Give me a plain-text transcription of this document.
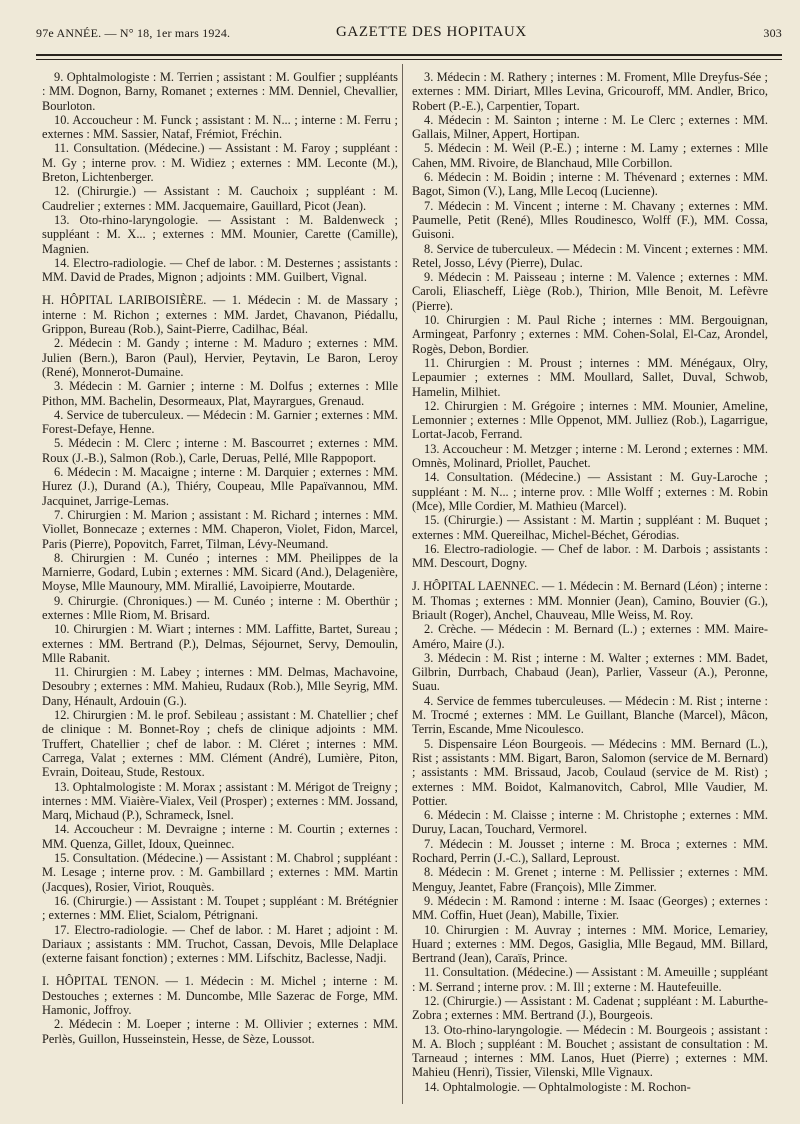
97e ANNÉE. — N° 18, 1er mars 1924.	GAZETTE DES HOPITAUX	303

9. Ophtalmologiste : M. Terrien ; assistant : M. Goulfier ; suppléants : MM. Dognon, Barny, Romanet ; externes : MM. Denniel, Chevallier, Bourloton.

10. Accoucheur : M. Funck ; assistant : M. N... ; interne : M. Ferru ; externes : MM. Sassier, Nataf, Frémiot, Fréchin.

11. Consultation. (Médecine.) — Assistant : M. Faroy ; suppléant : M. Gy ; interne prov. : M. Widiez ; externes : MM. Leconte (M.), Breton, Lichtenberger.

12. (Chirurgie.) — Assistant : M. Cauchoix ; suppléant : M. Caudrelier ; externes : MM. Jacquemaire, Gauillard, Picot (Jean).

13. Oto-rhino-laryngologie. — Assistant : M. Baldenweck ; suppléant : M. X... ; externes : MM. Mounier, Carette (Camille), Magnien.

14. Electro-radiologie. — Chef de labor. : M. Desternes ; assistants : MM. David de Prades, Mignon ; adjoints : MM. Guilbert, Vignal.

H. HÔPITAL LARIBOISIÈRE. — 1. Médecin : M. de Massary ; interne : M. Richon ; externes : MM. Jardet, Chavanon, Piédallu, Grippon, Bureau (Rob.), Saint-Pierre, Cadilhac, Béal.

2. Médecin : M. Gandy ; interne : M. Maduro ; externes : MM. Julien (Bern.), Baron (Paul), Hervier, Peytavin, Le Baron, Leroy (René), Monnerot-Dumaine.

3. Médecin : M. Garnier ; interne : M. Dolfus ; externes : Mlle Pithon, MM. Bachelin, Desormeaux, Plat, Mayrargues, Grenaud.

4. Service de tuberculeux. — Médecin : M. Garnier ; externes : MM. Forest-Defaye, Henne.

5. Médecin : M. Clerc ; interne : M. Bascourret ; externes : MM. Roux (J.-B.), Salmon (Rob.), Carle, Deruas, Pellé, Mlle Rappoport.

6. Médecin : M. Macaigne ; interne : M. Darquier ; externes : MM. Hurez (J.), Durand (A.), Thiéry, Coupeau, Mlle Papaïvannou, MM. Jacquinet, Jarrige-Lemas.

7. Chirurgien : M. Marion ; assistant : M. Richard ; internes : MM. Viollet, Bonnecaze ; externes : MM. Chaperon, Violet, Fidon, Marcel, Paris (Pierre), Popovitch, Farret, Tilman, Lévy-Neumand.

8. Chirurgien : M. Cunéo ; internes : MM. Pheilippes de la Marnierre, Godard, Lubin ; externes : MM. Sicard (And.), Delagenière, Moyse, Mlle Maunoury, MM. Mirallié, Lavoipierre, Moutarde.

9. Chirurgie. (Chroniques.) — M. Cunéo ; interne : M. Oberthür ; externes : Mlle Riom, M. Brisard.

10. Chirurgien : M. Wiart ; internes : MM. Laffitte, Bartet, Sureau ; externes : MM. Bertrand (P.), Delmas, Séjournet, Servy, Demoulin, Mlle Rabanit.

11. Chirurgien : M. Labey ; internes : MM. Delmas, Machavoine, Desoubry ; externes : MM. Mahieu, Rudaux (Rob.), Mlle Seyrig, MM. Dany, Hénault, Ardouin (G.).

12. Chirurgien : M. le prof. Sebileau ; assistant : M. Chatellier ; chef de clinique : M. Bonnet-Roy ; chefs de clinique adjoints : MM. Truffert, Chatellier ; chef de labor. : M. Cléret ; internes : MM. Carrega, Valat ; externes : MM. Clément (André), Lumière, Piton, Evrain, Doiteau, Stude, Restoux.

13. Ophtalmologiste : M. Morax ; assistant : M. Mérigot de Treigny ; internes : MM. Viaière-Vialex, Veil (Prosper) ; externes : MM. Jossand, Marq, Michaud (P.), Schrameck, Isnel.

14. Accoucheur : M. Devraigne ; interne : M. Courtin ; externes : MM. Quenza, Gillet, Idoux, Queinnec.

15. Consultation. (Médecine.) — Assistant : M. Chabrol ; suppléant : M. Lesage ; interne prov. : M. Gambillard ; externes : MM. Martin (Jacques), Rosier, Viriot, Rouquès.

16. (Chirurgie.) — Assistant : M. Toupet ; suppléant : M. Brétégnier ; externes : MM. Eliet, Scialom, Pétrignani.

17. Electro-radiologie. — Chef de labor. : M. Haret ; adjoint : M. Dariaux ; assistants : MM. Truchot, Cassan, Devois, Mlle Delaplace (externe faisant fonction) ; externes : MM. Lifschitz, Baclesse, Nadji.

I. HÔPITAL TENON. — 1. Médecin : M. Michel ; interne : M. Destouches ; externes : M. Duncombe, Mlle Sazerac de Forge, MM. Hamonic, Joffroy.

2. Médecin : M. Loeper ; interne : M. Ollivier ; externes : MM. Perlès, Guillon, Husseinstein, Hesse, de Sèze, Loussot.

3. Médecin : M. Rathery ; internes : M. Froment, Mlle Dreyfus-Sée ; externes : MM. Diriart, Mlles Levina, Gricouroff, MM. Andler, Brico, Robert (P.-E.), Carpentier, Topart.

4. Médecin : M. Sainton ; interne : M. Le Clerc ; externes : MM. Gallais, Milner, Appert, Hortipan.

5. Médecin : M. Weil (P.-E.) ; interne : M. Lamy ; externes : Mlle Cahen, MM. Rivoire, de Blanchaud, Mlle Corbillon.

6. Médecin : M. Boidin ; interne : M. Thévenard ; externes : MM. Bagot, Simon (V.), Lang, Mlle Lecoq (Lucienne).

7. Médecin : M. Vincent ; interne : M. Chavany ; externes : MM. Paumelle, Petit (René), Mlles Roudinesco, Wolff (F.), MM. Cossa, Guisoni.

8. Service de tuberculeux. — Médecin : M. Vincent ; externes : MM. Retel, Josso, Lévy (Pierre), Dulac.

9. Médecin : M. Paisseau ; interne : M. Valence ; externes : MM. Caroli, Eliascheff, Liège (Rob.), Thirion, Mlle Benoit, M. Lefèvre (Pierre).

10. Chirurgien : M. Paul Riche ; internes : MM. Bergouignan, Armingeat, Parfonry ; externes : MM. Cohen-Solal, El-Caz, Arondel, Rogès, Debon, Bordier.

11. Chirurgien : M. Proust ; internes : MM. Ménégaux, Olry, Lepaumier ; externes : MM. Moullard, Sallet, Duval, Schwob, Hamelin, Milhiet.

12. Chirurgien : M. Grégoire ; internes : MM. Mounier, Ameline, Lemonnier ; externes : Mlle Oppenot, MM. Julliez (Rob.), Lagarrigue, Lortat-Jacob, Ferrand.

13. Accoucheur : M. Metzger ; interne : M. Lerond ; externes : MM. Omnès, Molinard, Priollet, Pauchet.

14. Consultation. (Médecine.) — Assistant : M. Guy-Laroche ; suppléant : M. N... ; interne prov. : Mlle Wolff ; externes : M. Robin (Mce), Mlle Cordier, M. Mathieu (Marcel).

15. (Chirurgie.) — Assistant : M. Martin ; suppléant : M. Buquet ; externes : MM. Quereilhac, Michel-Béchet, Gérodias.

16. Electro-radiologie. — Chef de labor. : M. Darbois ; assistants : MM. Descourt, Dogny.

J. HÔPITAL LAENNEC. — 1. Médecin : M. Bernard (Léon) ; interne : M. Thomas ; externes : MM. Monnier (Jean), Camino, Bouvier (G.), Briault (Roger), Anchel, Chauveau, Mlle Weiss, M. Roy.

2. Crèche. — Médecin : M. Bernard (L.) ; externes : MM. Maire-Améro, Maire (J.).

3. Médecin : M. Rist ; interne : M. Walter ; externes : MM. Badet, Gilbrin, Durrbach, Chabaud (Jean), Parlier, Vasseur (A.), Peronne, Suau.

4. Service de femmes tuberculeuses. — Médecin : M. Rist ; interne : M. Trocmé ; externes : MM. Le Guillant, Blanche (Marcel), Mâcon, Terrin, Escande, Mme Nicoulesco.

5. Dispensaire Léon Bourgeois. — Médecins : MM. Bernard (L.), Rist ; assistants : MM. Bigart, Baron, Salomon (service de M. Bernard) ; assistants : MM. Brissaud, Jacob, Coulaud (service de M. Rist) ; externes : MM. Boidot, Kalmanovitch, Cabrol, Mlle Vaudier, M. Pottier.

6. Médecin : M. Claisse ; interne : M. Christophe ; externes : MM. Duruy, Lacan, Touchard, Vermorel.

7. Médecin : M. Jousset ; interne : M. Broca ; externes : MM. Rochard, Perrin (J.-C.), Sallard, Leproust.

8. Médecin : M. Grenet ; interne : M. Pellissier ; externes : MM. Menguy, Jeantet, Fabre (François), Mlle Zimmer.

9. Médecin : M. Ramond : interne : M. Isaac (Georges) ; externes : MM. Coffin, Huet (Jean), Mabille, Tixier.

10. Chirurgien : M. Auvray ; internes : MM. Morice, Lemariey, Huard ; externes : MM. Degos, Gasiglia, Mlle Begaud, MM. Billard, Bertrand (Jean), Caraïs, Prince.

11. Consultation. (Médecine.) — Assistant : M. Ameuille ; suppléant : M. Serrand ; interne prov. : M. Ill ; externe : M. Hautefeuille.

12. (Chirurgie.) — Assistant : M. Cadenat ; suppléant : M. Laburthe-Zobra ; externes : MM. Bertrand (J.), Bourgeois.

13. Oto-rhino-laryngologie. — Médecin : M. Bourgeois ; assistant : M. A. Bloch ; suppléant : M. Bouchet ; assistant de consultation : M. Tarneaud ; internes : MM. Lanos, Huet (Pierre) ; externes : MM. Mahieu (Henri), Tissier, Vilenski, Mlle Vignaux.

14. Ophtalmologie. — Ophtalmologiste : M. Rochon-
